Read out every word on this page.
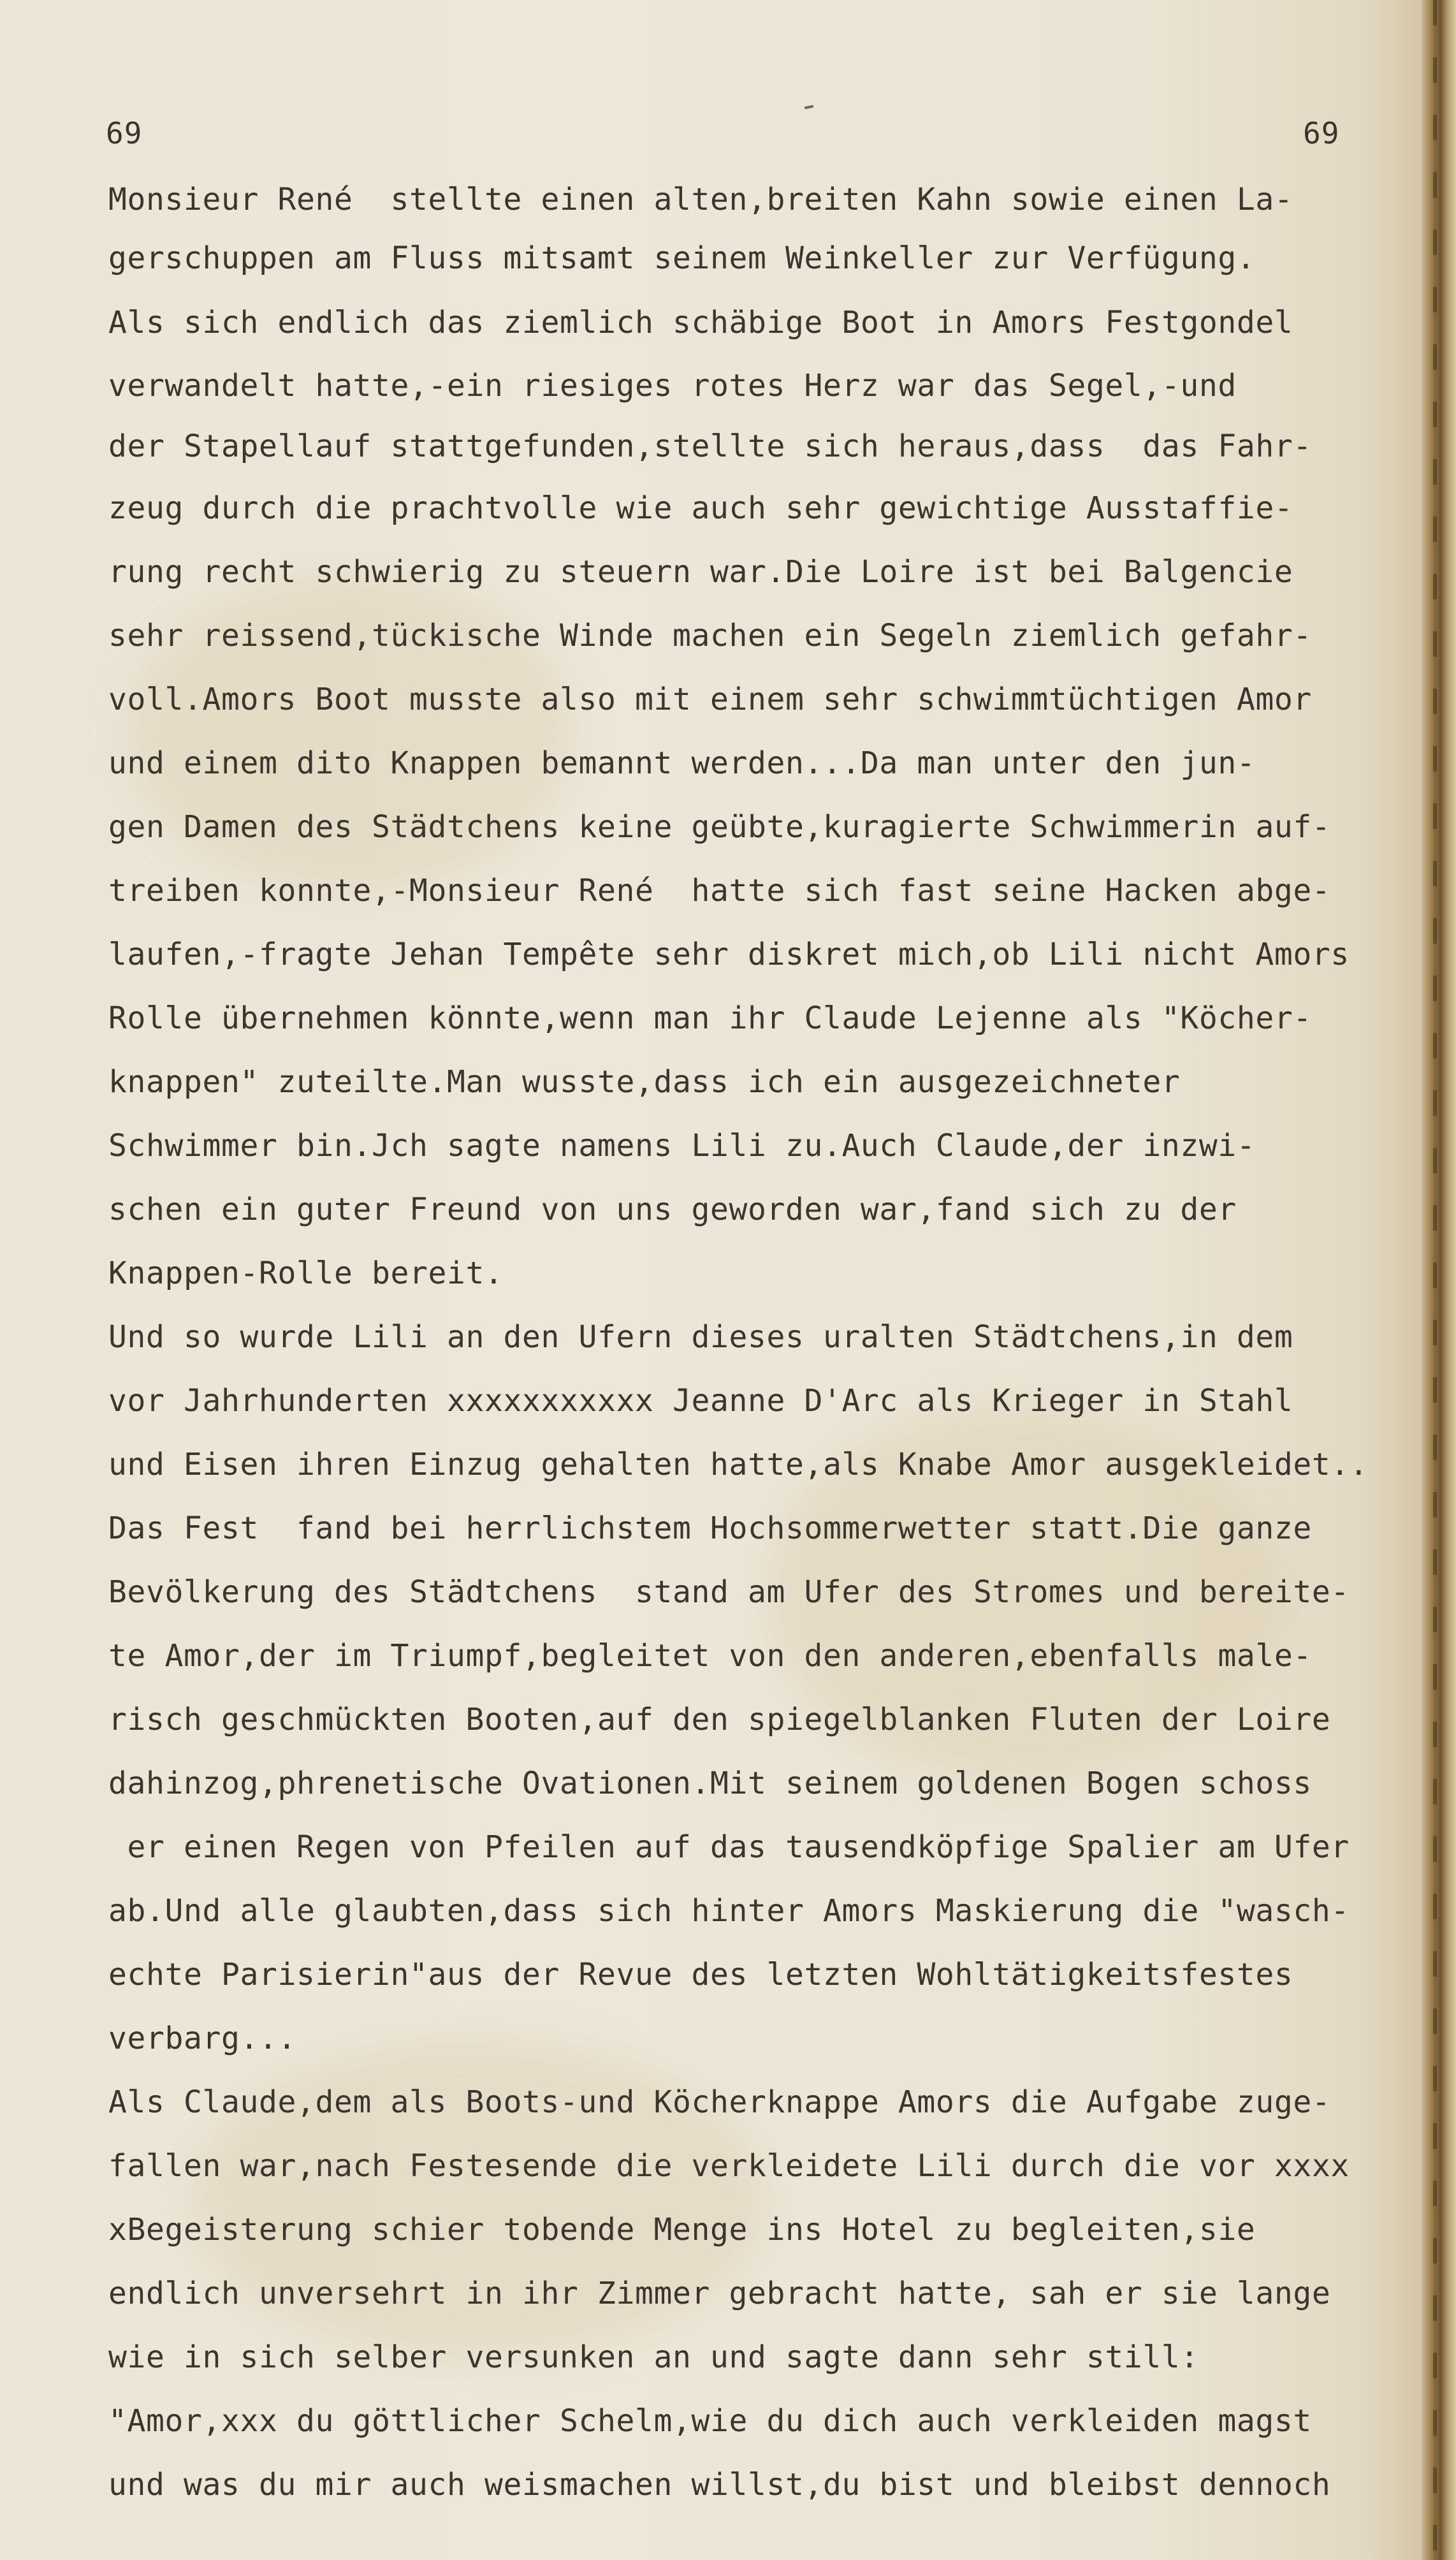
69	69
Monsieur René  stellte einen alten,breiten Kahn sowie einen La-
gerschuppen am Fluss mitsamt seinem Weinkeller zur Verfügung.
Als sich endlich das ziemlich schäbige Boot in Amors Festgondel
verwandelt hatte,-ein riesiges rotes Herz war das Segel,-und
der Stapellauf stattgefunden,stellte sich heraus,dass  das Fahr-
zeug durch die prachtvolle wie auch sehr gewichtige Ausstaffie-
rung recht schwierig zu steuern war.Die Loire ist bei Balgencie
sehr reissend,tückische Winde machen ein Segeln ziemlich gefahr-
voll.Amors Boot musste also mit einem sehr schwimmtüchtigen Amor
und einem dito Knappen bemannt werden...Da man unter den jun-
gen Damen des Städtchens keine geübte,kuragierte Schwimmerin auf-
treiben konnte,-Monsieur René  hatte sich fast seine Hacken abge-
laufen,-fragte Jehan Tempête sehr diskret mich,ob Lili nicht Amors
Rolle übernehmen könnte,wenn man ihr Claude Lejenne als "Köcher-
knappen" zuteilte.Man wusste,dass ich ein ausgezeichneter
Schwimmer bin.Jch sagte namens Lili zu.Auch Claude,der inzwi-
schen ein guter Freund von uns geworden war,fand sich zu der
Knappen-Rolle bereit.
Und so wurde Lili an den Ufern dieses uralten Städtchens,in dem
vor Jahrhunderten xxxxxxxxxxx Jeanne D'Arc als Krieger in Stahl
und Eisen ihren Einzug gehalten hatte,als Knabe Amor ausgekleidet..
Das Fest  fand bei herrlichstem Hochsommerwetter statt.Die ganze
Bevölkerung des Städtchens  stand am Ufer des Stromes und bereite-
te Amor,der im Triumpf,begleitet von den anderen,ebenfalls male-
risch geschmückten Booten,auf den spiegelblanken Fluten der Loire
dahinzog,phrenetische Ovationen.Mit seinem goldenen Bogen schoss
er einen Regen von Pfeilen auf das tausendköpfige Spalier am Ufer
ab.Und alle glaubten,dass sich hinter Amors Maskierung die "wasch-
echte Parisierin"aus der Revue des letzten Wohltätigkeitsfestes
verbarg...
Als Claude,dem als Boots-und Köcherknappe Amors die Aufgabe zuge-
fallen war,nach Festesende die verkleidete Lili durch die vor xxxx
xBegeisterung schier tobende Menge ins Hotel zu begleiten,sie
endlich unversehrt in ihr Zimmer gebracht hatte, sah er sie lange
wie in sich selber versunken an und sagte dann sehr still:
"Amor,xxx du göttlicher Schelm,wie du dich auch verkleiden magst
und was du mir auch weismachen willst,du bist und bleibst dennoch
